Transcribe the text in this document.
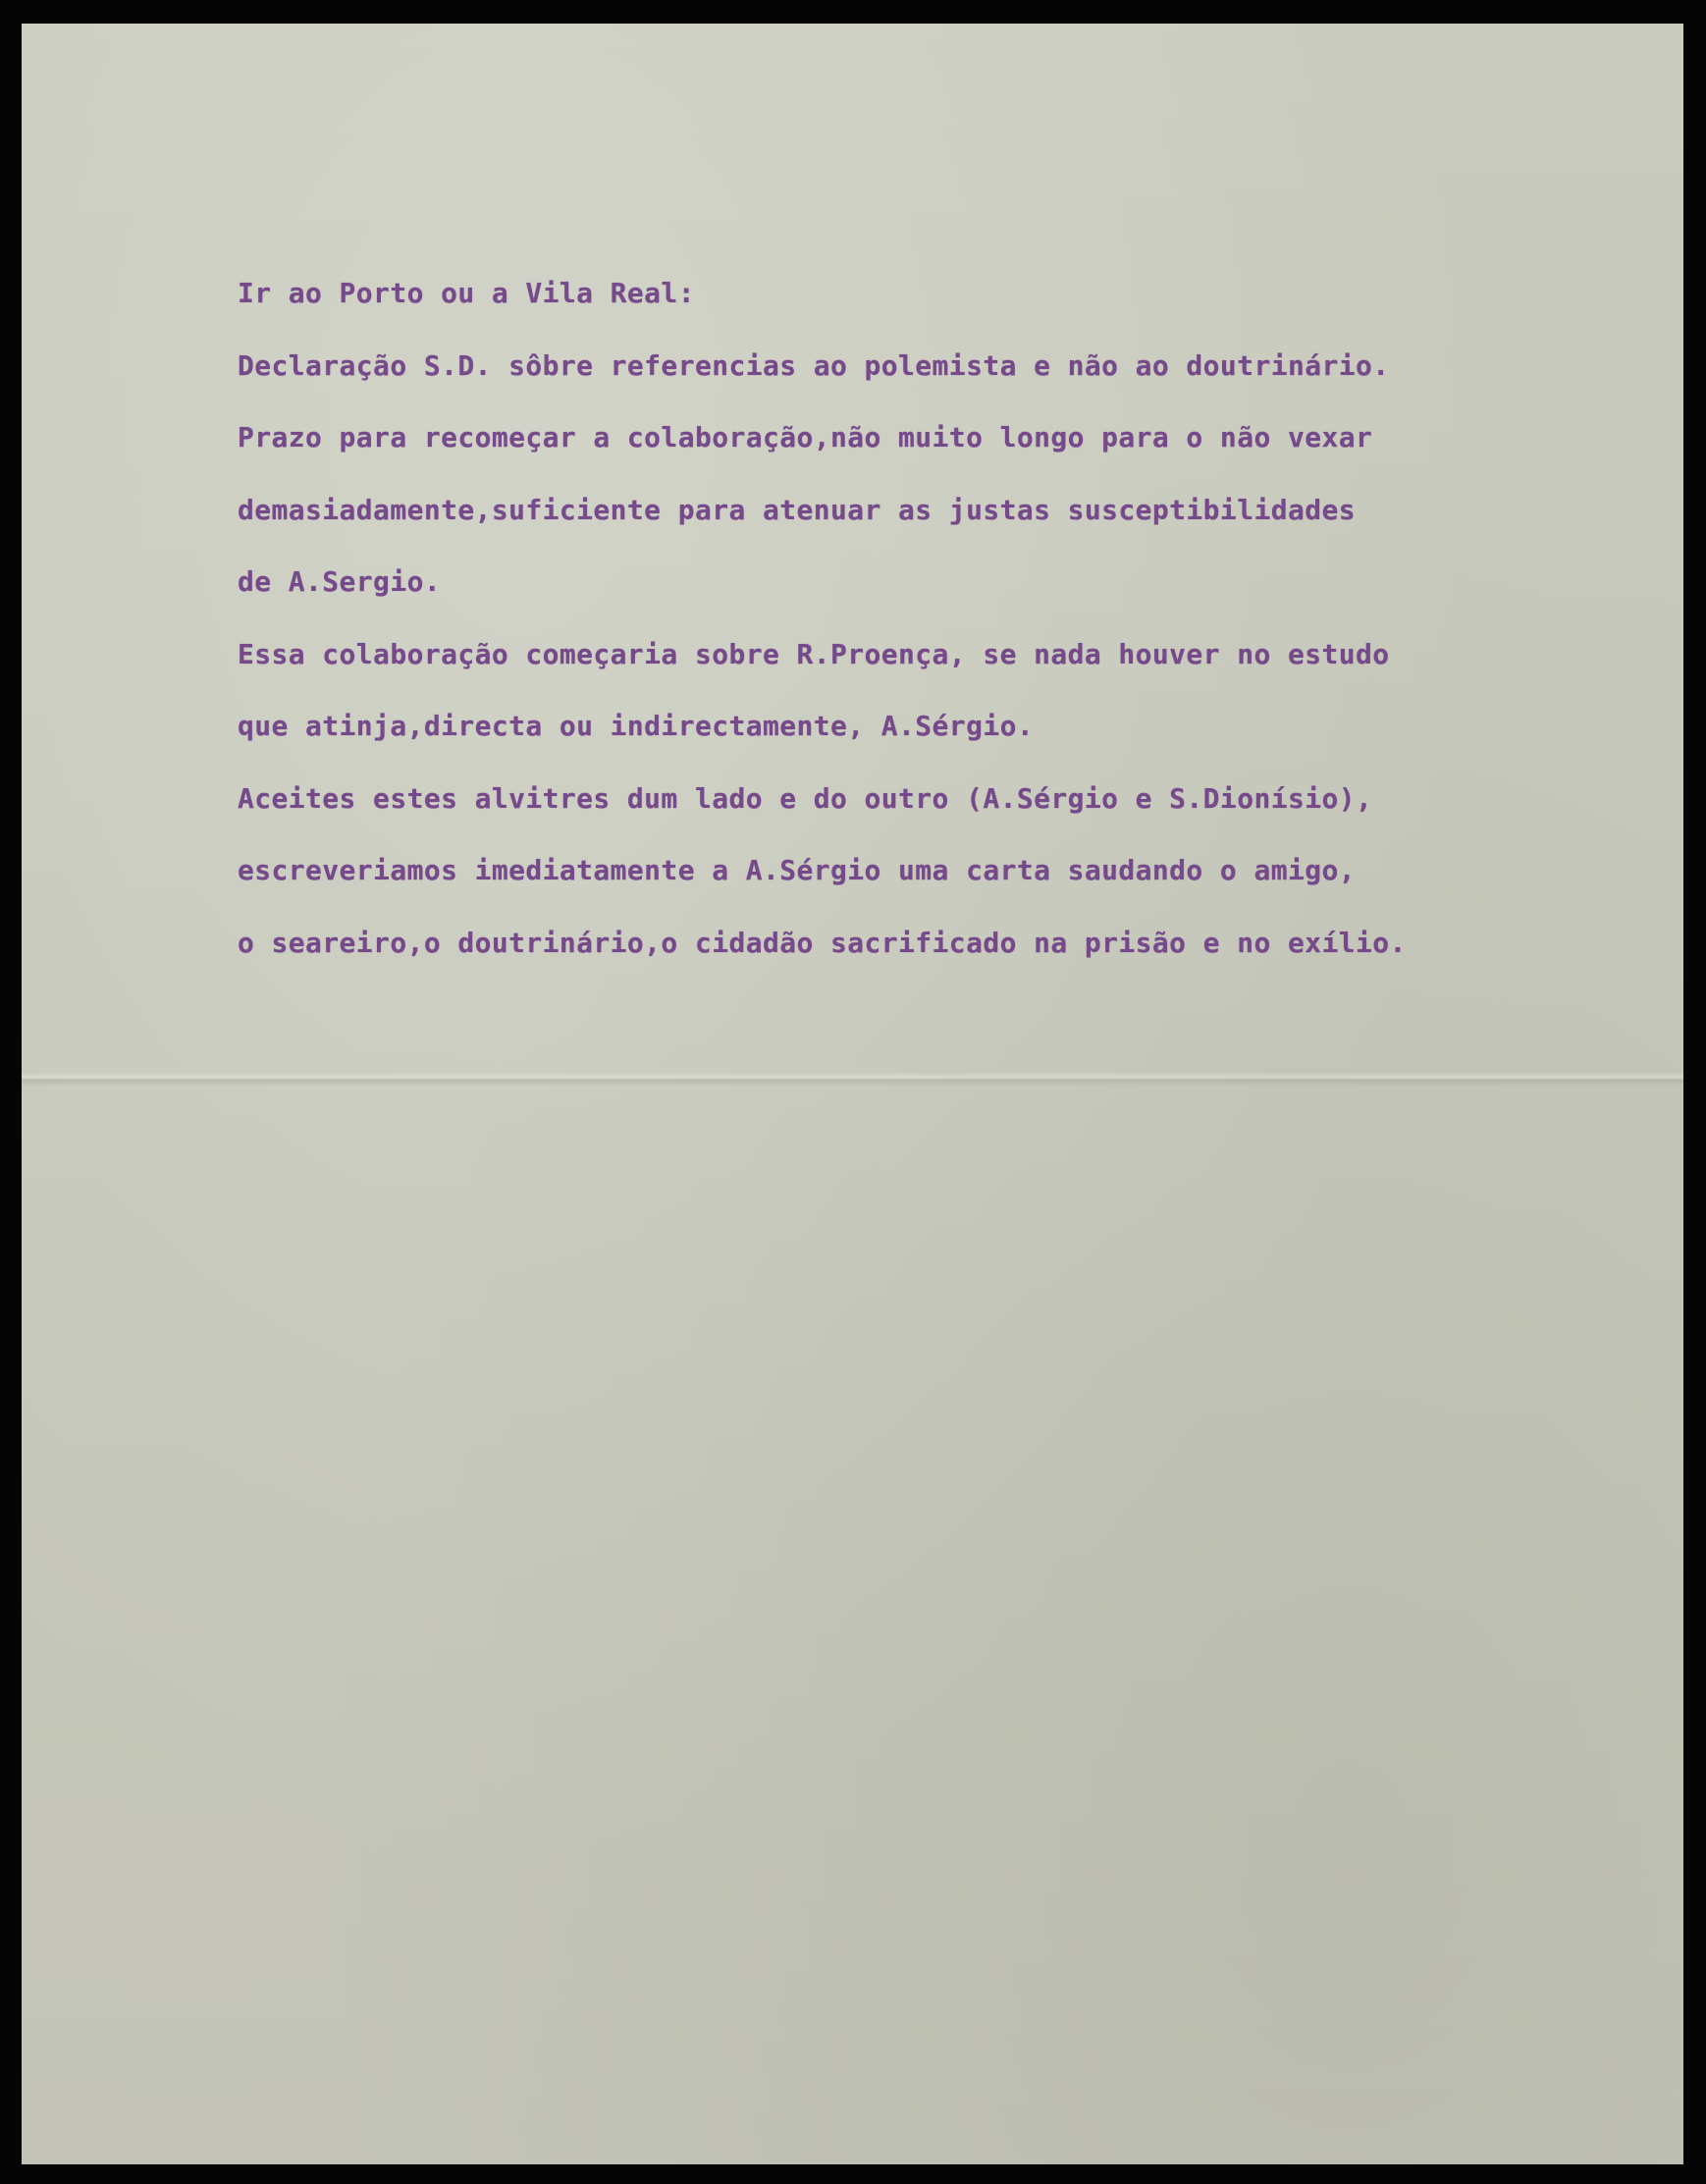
Ir ao Porto ou a Vila Real:
Declaração S.D. sôbre referencias ao polemista e não ao doutrinário.
Prazo para recomeçar a colaboração,não muito longo para o não vexar
demasiadamente,suficiente para atenuar as justas susceptibilidades
de A.Sergio.
Essa colaboração começaria sobre R.Proença, se nada houver no estudo
que atinja,directa ou indirectamente, A.Sérgio.
Aceites estes alvitres dum lado e do outro (A.Sérgio e S.Dionísio),
escreveriamos imediatamente a A.Sérgio uma carta saudando o amigo,
o seareiro,o doutrinário,o cidadão sacrificado na prisão e no exílio.
